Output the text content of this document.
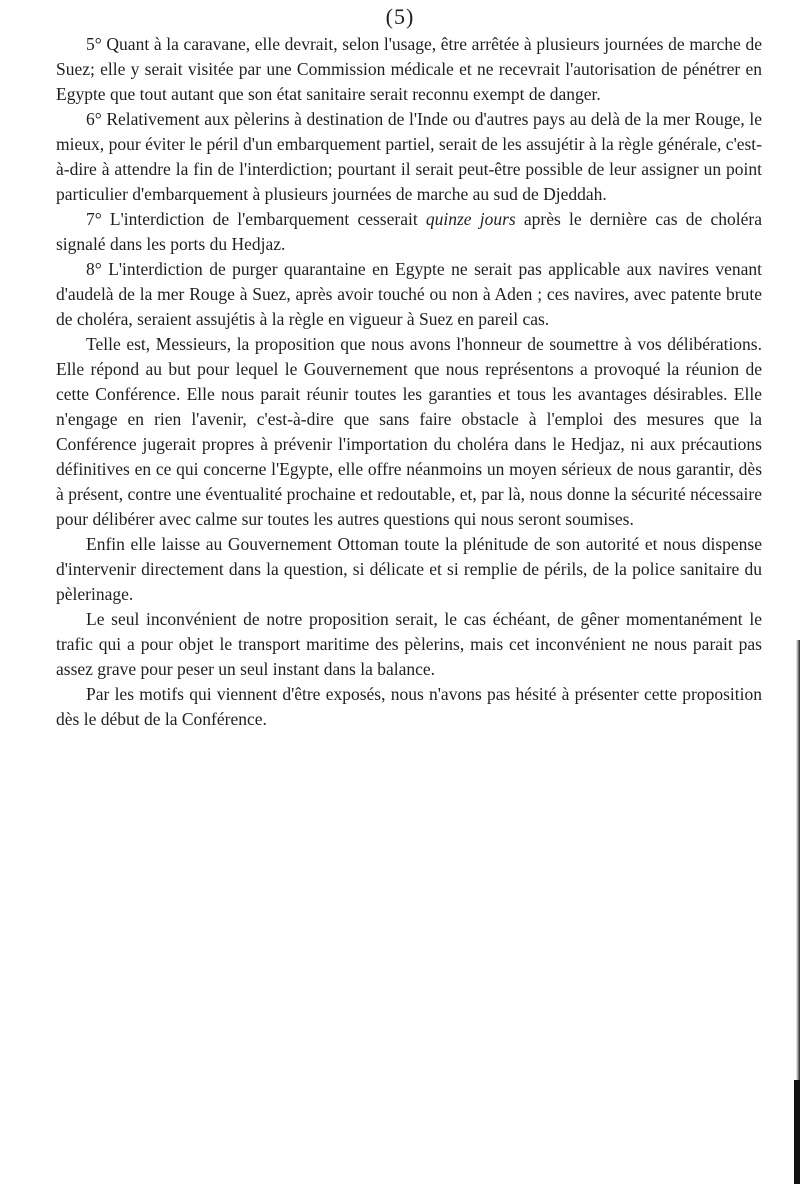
(5)

5° Quant à la caravane, elle devrait, selon l'usage, être arrêtée à plusieurs journées de marche de Suez; elle y serait visitée par une Commission médicale et ne recevrait l'autorisation de pénétrer en Egypte que tout autant que son état sanitaire serait reconnu exempt de danger.

6° Relativement aux pèlerins à destination de l'Inde ou d'autres pays au delà de la mer Rouge, le mieux, pour éviter le péril d'un embarquement partiel, serait de les assujétir à la règle générale, c'est-à-dire à attendre la fin de l'interdiction; pourtant il serait peut-être possible de leur assigner un point particulier d'embarquement à plusieurs journées de marche au sud de Djeddah.

7° L'interdiction de l'embarquement cesserait quinze jours après le dernière cas de choléra signalé dans les ports du Hedjaz.

8° L'interdiction de purger quarantaine en Egypte ne serait pas applicable aux navires venant d'audelà de la mer Rouge à Suez, après avoir touché ou non à Aden ; ces navires, avec patente brute de choléra, seraient assujétis à la règle en vigueur à Suez en pareil cas.

Telle est, Messieurs, la proposition que nous avons l'honneur de soumettre à vos délibérations. Elle répond au but pour lequel le Gouvernement que nous représentons a provoqué la réunion de cette Conférence. Elle nous parait réunir toutes les garanties et tous les avantages désirables. Elle n'engage en rien l'avenir, c'est-à-dire que sans faire obstacle à l'emploi des mesures que la Conférence jugerait propres à prévenir l'importation du choléra dans le Hedjaz, ni aux précautions définitives en ce qui concerne l'Egypte, elle offre néanmoins un moyen sérieux de nous garantir, dès à présent, contre une éventualité prochaine et redoutable, et, par là, nous donne la sécurité nécessaire pour délibérer avec calme sur toutes les autres questions qui nous seront soumises.

Enfin elle laisse au Gouvernement Ottoman toute la plénitude de son autorité et nous dispense d'intervenir directement dans la question, si délicate et si remplie de périls, de la police sanitaire du pèlerinage.

Le seul inconvénient de notre proposition serait, le cas échéant, de gêner momentanément le trafic qui a pour objet le transport maritime des pèlerins, mais cet inconvénient ne nous parait pas assez grave pour peser un seul instant dans la balance.

Par les motifs qui viennent d'être exposés, nous n'avons pas hésité à présenter cette proposition dès le début de la Conférence.
